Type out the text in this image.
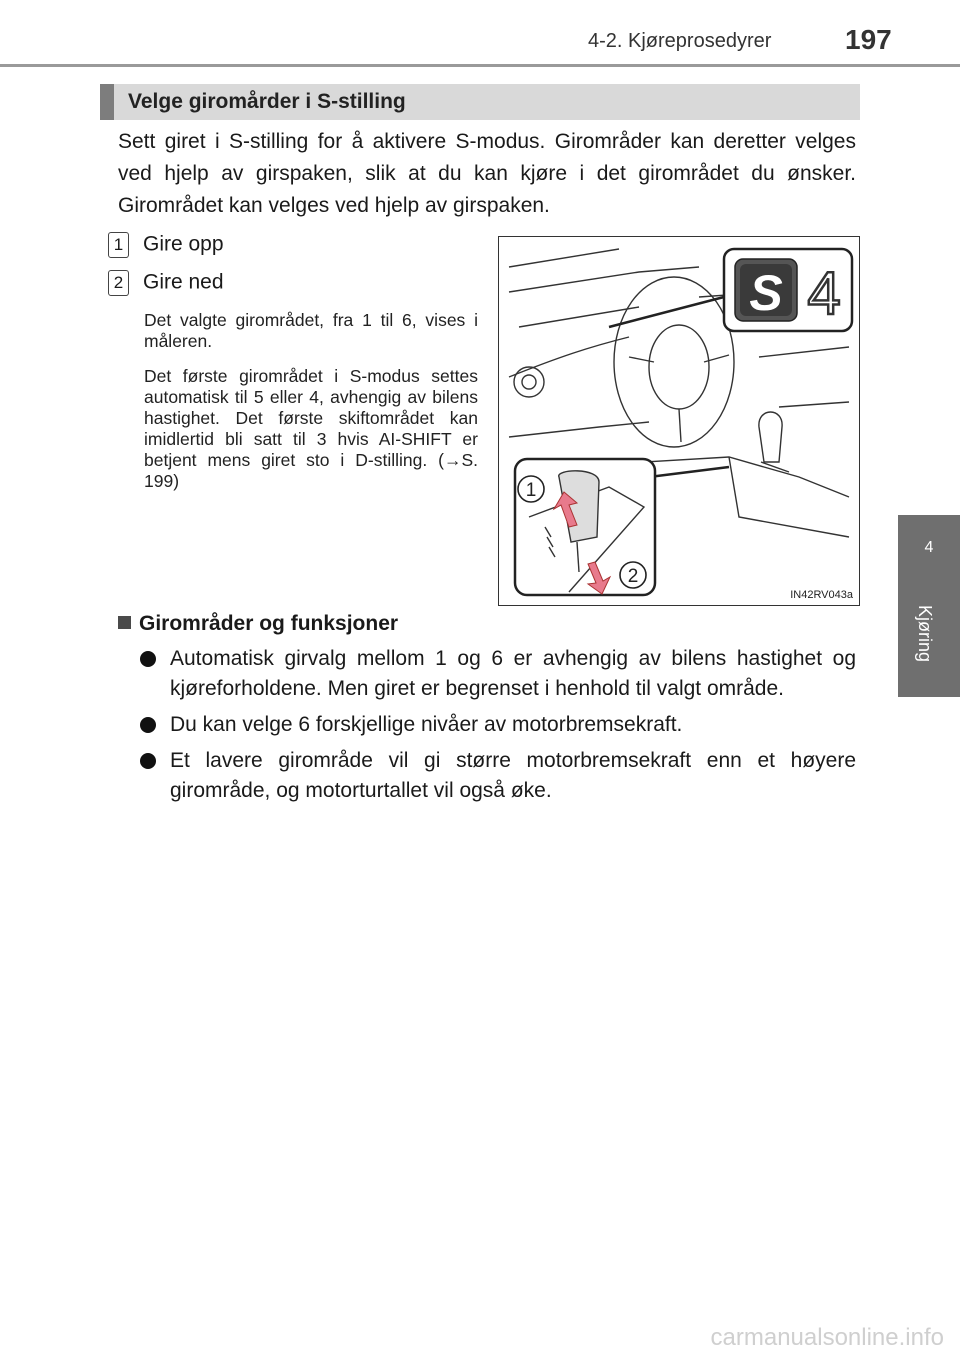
4-2. Kjøreprosedyrer	197
4
Kjøring
Velge giromårder i S-stilling
Sett giret i S-stilling for å aktivere S-modus. Girområder kan deretter velges ved hjelp av girspaken, slik at du kan kjøre i det girområdet du ønsker. Girområdet kan velges ved hjelp av girspaken.
1 Gire opp
2 Gire ned
Det valgte girområdet, fra 1 til 6, vises i måleren.
Det første girområdet i S-modus settes automatisk til 5 eller 4, avhengig av bilens hastighet. Det første skiftområdet kan imidlertid bli satt til 3 hvis AI-SHIFT er betjent mens giret sto i D-stilling. (→S. 199)	1
2
S 4
IN42RV043a
Girområder og funksjoner
Automatisk girvalg mellom 1 og 6 er avhengig av bilens hastighet og kjøreforholdene. Men giret er begrenset i henhold til valgt område.
Du kan velge 6 forskjellige nivåer av motorbremsekraft.
Et lavere girområde vil gi større motorbremsekraft enn et høyere girområde, og motorturtallet vil også øke.
carmanualsonline.info
